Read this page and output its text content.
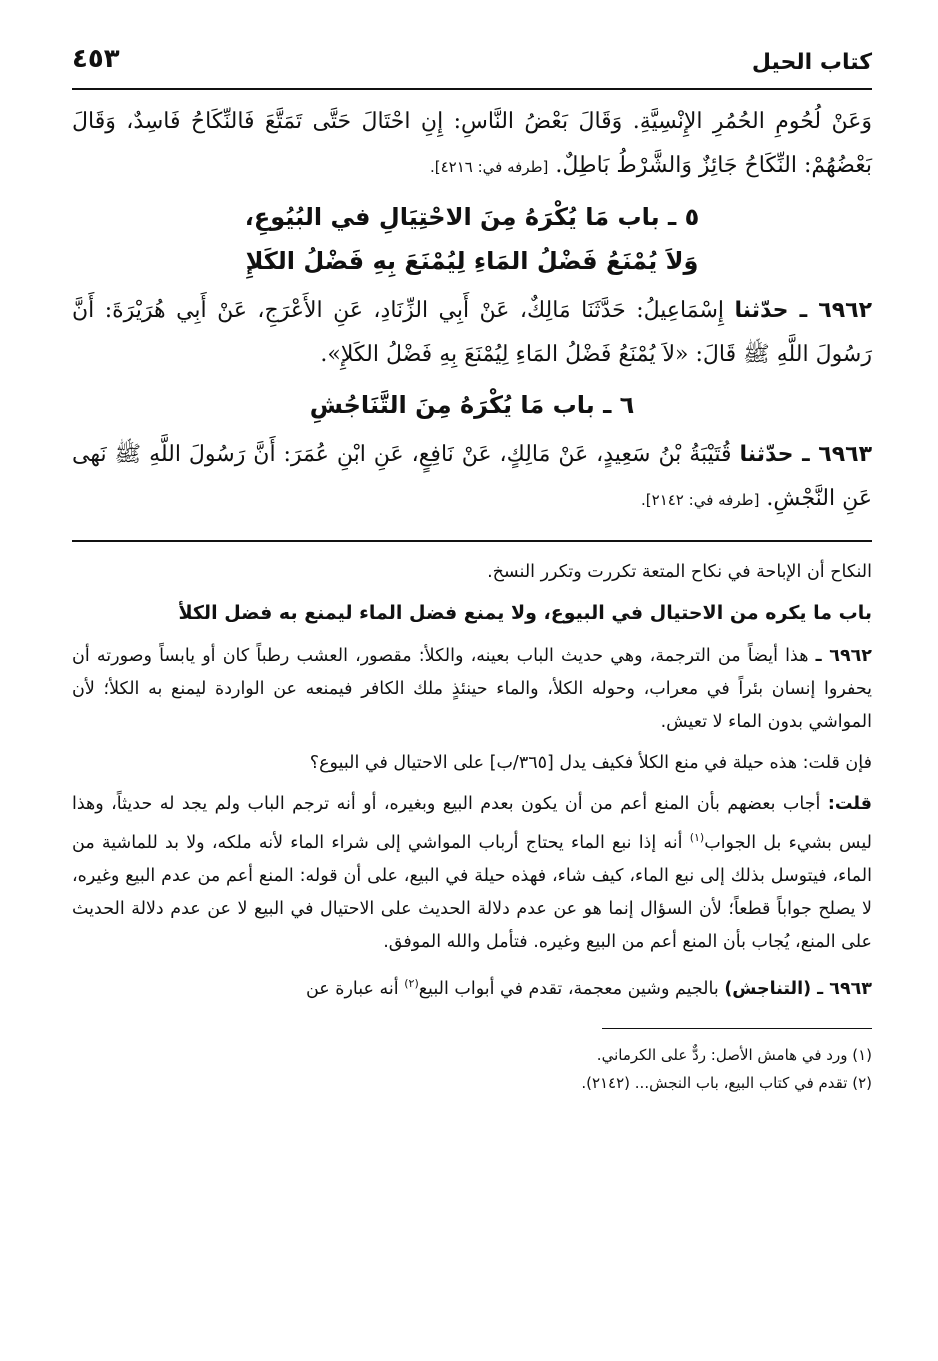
كتاب الحيل
٤٥٣

وَعَنْ لُحُومِ الحُمُرِ الإِنْسِيَّةِ. وَقَالَ بَعْضُ النَّاسِ: إِنِ احْتَالَ حَتَّى تَمَتَّعَ فَالنِّكَاحُ فَاسِدٌ، وَقَالَ بَعْضُهُمْ: النِّكَاحُ جَائِزٌ وَالشَّرْطُ بَاطِلٌ. [طرفه في: ٤٢١٦].

٥ ـ باب مَا يُكْرَهُ مِنَ الاحْتِيَالِ في البُيُوعِ،
وَلاَ يُمْنَعُ فَضْلُ المَاءِ لِيُمْنَعَ بِهِ فَضْلُ الكَلإِ

٦٩٦٢ ـ حدّثنا إِسْمَاعِيلُ: حَدَّثَنَا مَالِكٌ، عَنْ أَبِي الزِّنَادِ، عَنِ الأَعْرَجِ، عَنْ أَبِي هُرَيْرَةَ: أَنَّ رَسُولَ اللَّهِ ﷺ قَالَ: «لاَ يُمْنَعُ فَضْلُ المَاءِ لِيُمْنَعَ بِهِ فَضْلُ الكَلإِ».

٦ ـ باب مَا يُكْرَهُ مِنَ التَّنَاجُشِ

٦٩٦٣ ـ حدّثنا قُتَيْبَةُ بْنُ سَعِيدٍ، عَنْ مَالِكٍ، عَنْ نَافِعٍ، عَنِ ابْنِ عُمَرَ: أَنَّ رَسُولَ اللَّهِ ﷺ نَهى عَنِ النَّجْشِ. [طرفه في: ٢١٤٢].

النكاح أن الإباحة في نكاح المتعة تكررت وتكرر النسخ.

باب ما يكره من الاحتيال في البيوع، ولا يمنع فضل الماء ليمنع به فضل الكلأ

٦٩٦٢ ـ هذا أيضاً من الترجمة، وهي حديث الباب بعينه، والكلأ: مقصور، العشب رطباً كان أو يابساً وصورته أن يحفروا إنسان بئراً في معراب، وحوله الكلأ، والماء حينئذٍ ملك الكافر فيمنعه عن الواردة ليمنع به الكلأ؛ لأن المواشي بدون الماء لا تعيش.

فإن قلت: هذه حيلة في منع الكلأ فكيف يدل [٣٦٥/ب] على الاحتيال في البيوع؟

قلت: أجاب بعضهم بأن المنع أعم من أن يكون بعدم البيع وبغيره، أو أنه ترجم الباب ولم يجد له حديثاً، وهذا ليس بشيء بل الجواب$^{(١)}$ أنه إذا نبع الماء يحتاج أرباب المواشي إلى شراء الماء لأنه ملكه، ولا بد للماشية من الماء، فيتوسل بذلك إلى نبع الماء، كيف شاء، فهذه حيلة في البيع، على أن قوله: المنع أعم من عدم البيع وغيره، لا يصلح جواباً قطعاً؛ لأن السؤال إنما هو عن عدم دلالة الحديث على الاحتيال في البيع لا عن عدم دلالة الحديث على المنع، يُجاب بأن المنع أعم من البيع وغيره. فتأمل والله الموفق.

٦٩٦٣ ـ (التناجش) بالجيم وشين معجمة، تقدم في أبواب البيع$^{(٢)}$ أنه عبارة عن

(١) ورد في هامش الأصل: ردٌّ على الكرماني.

(٢) تقدم في كتاب البيع، باب النجش... (٢١٤٢).
